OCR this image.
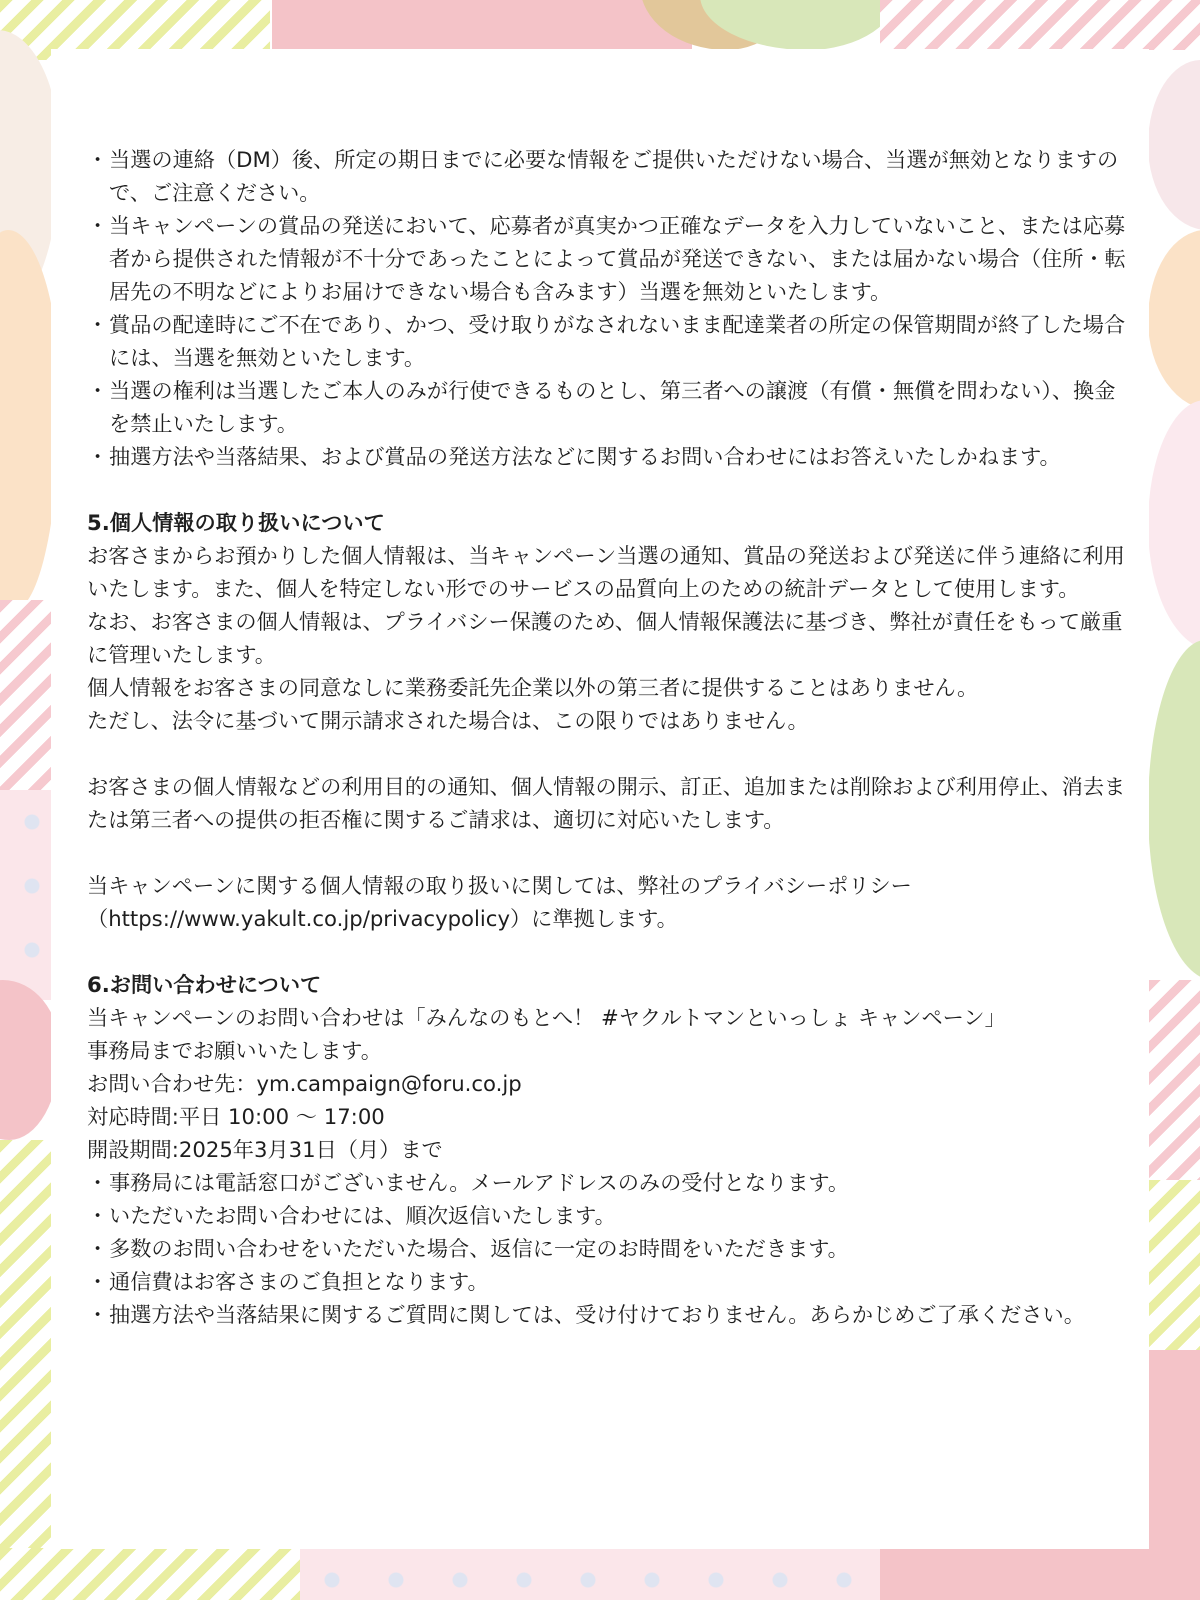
・ 当選の連絡（DM）後、所定の期日までに必要な情報をご提供いただけない場合、当選が無効となりますので、ご注意ください。
・ 当キャンペーンの賞品の発送において、応募者が真実かつ正確なデータを入力していないこと、または応募者から提供された情報が不十分であったことによって賞品が発送できない、または届かない場合（住所・転居先の不明などによりお届けできない場合も含みます）当選を無効といたします。
・ 賞品の配達時にご不在であり、かつ、受け取りがなされないまま配達業者の所定の保管期間が終了した場合には、当選を無効といたします。
・ 当選の権利は当選したご本人のみが行使できるものとし、第三者への譲渡（有償・無償を問わない）、換金を禁止いたします。
・ 抽選方法や当落結果、および賞品の発送方法などに関するお問い合わせにはお答えいたしかねます。

5.個人情報の取り扱いについて

お客さまからお預かりした個人情報は、当キャンペーン当選の通知、賞品の発送および発送に伴う連絡に利用いたします。また、個人を特定しない形でのサービスの品質向上のための統計データとして使用します。

なお、お客さまの個人情報は、プライバシー保護のため、個人情報保護法に基づき、弊社が責任をもって厳重に管理いたします。

個人情報をお客さまの同意なしに業務委託先企業以外の第三者に提供することはありません。

ただし、法令に基づいて開示請求された場合は、この限りではありません。

お客さまの個人情報などの利用目的の通知、個人情報の開示、訂正、追加または削除および利用停止、消去または第三者への提供の拒否権に関するご請求は、適切に対応いたします。

当キャンペーンに関する個人情報の取り扱いに関しては、弊社のプライバシーポリシー

（https://www.yakult.co.jp/privacypolicy）に準拠します。

6.お問い合わせについて

当キャンペーンのお問い合わせは「みんなのもとへ！ #ヤクルトマンといっしょ キャンペーン」

事務局までお願いいたします。

お問い合わせ先：ym.campaign@foru.co.jp

対応時間:平日 10:00 〜 17:00

開設期間:2025年3月31日（月）まで

・ 事務局には電話窓口がございません。メールアドレスのみの受付となります。
・ いただいたお問い合わせには、順次返信いたします。
・ 多数のお問い合わせをいただいた場合、返信に一定のお時間をいただきます。
・ 通信費はお客さまのご負担となります。
・ 抽選方法や当落結果に関するご質問に関しては、受け付けておりません。あらかじめご了承ください。
